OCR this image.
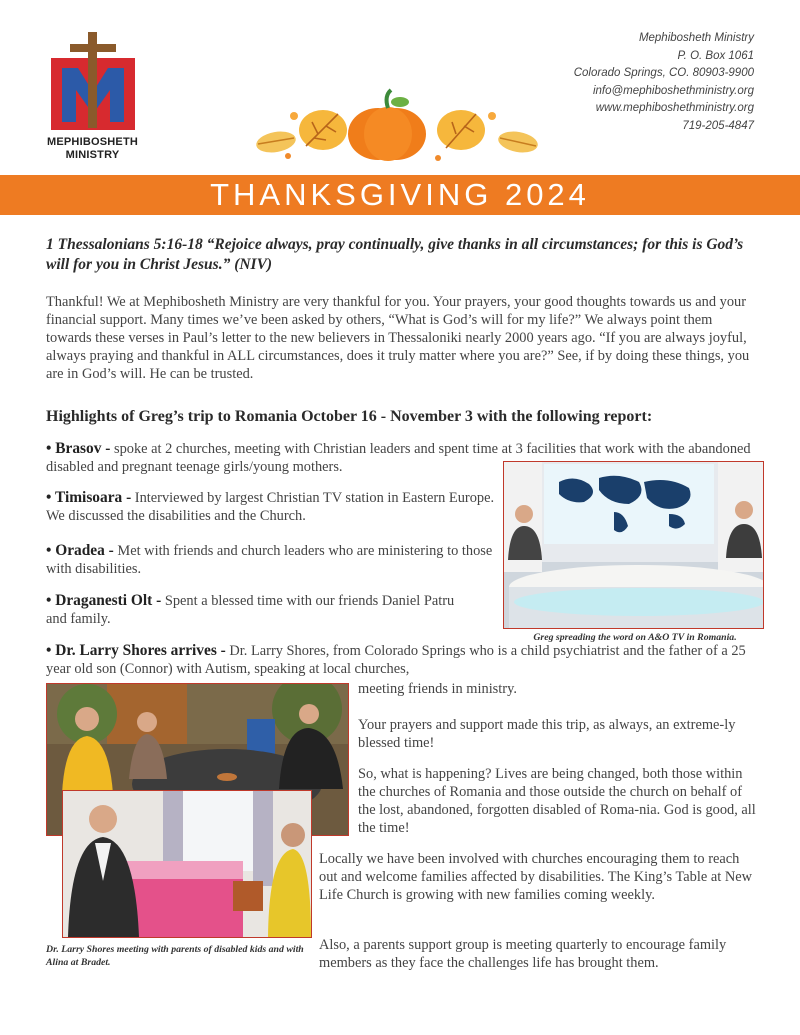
MEPHIBOSHETH
MINISTRY
Mephibosheth Ministry
P. O. Box 1061
Colorado Springs, CO. 80903-9900
info@mephiboshethministry.org
www.mephiboshethministry.org
719-205-4847
THANKSGIVING 2024

1 Thessalonians 5:16-18 “Rejoice always, pray continually, give thanks in all circumstances; for this is God’s will for you in Christ Jesus.” (NIV)

Thankful! We at Mephibosheth Ministry are very thankful for you. Your prayers, your good thoughts towards us and your financial support. Many times we’ve been asked by others, “What is God’s will for my life?” We always point them towards these verses in Paul’s letter to the new believers in Thessaloniki nearly 2000 years ago. “If you are always joyful, always praying and thankful in ALL circumstances, does it truly matter where you are?” See, if by doing these things, you are in God’s will. He can be trusted.

Highlights of Greg’s trip to Romania October 16 - November 3 with the following report:

• Brasov - spoke at 2 churches, meeting with Christian leaders and spent time at 3 facilities that work with the abandoned disabled and pregnant teenage girls/young mothers.

• Timisoara - Interviewed by largest Christian TV station in Eastern Europe. We discussed the disabilities and the Church.

• Oradea - Met with friends and church leaders who are ministering to those with disabilities.

• Draganesti Olt - Spent a blessed time with our friends Daniel Patru and family.

• Dr. Larry Shores arrives - Dr. Larry Shores, from Colorado Springs who is a child psychiatrist and the father of a 25 year old son (Connor) with Autism, speaking at local churches,

meeting friends in ministry.

Greg spreading the word on A&O TV in Romania.

Dr. Larry Shores meeting with parents of disabled kids and with Alina at Bradet.

Your prayers and support made this trip, as always, an extreme-ly blessed time!

So, what is happening? Lives are being changed, both those within the churches of Romania and those outside the church on behalf of the lost, abandoned, forgotten disabled of Roma-nia. God is good, all the time!

Locally we have been involved with churches encouraging them to reach out and welcome families affected by disabilities. The King’s Table at New Life Church is growing with new families coming weekly.

Also, a parents support group is meeting quarterly to encourage family members as they face the challenges life has brought them.
